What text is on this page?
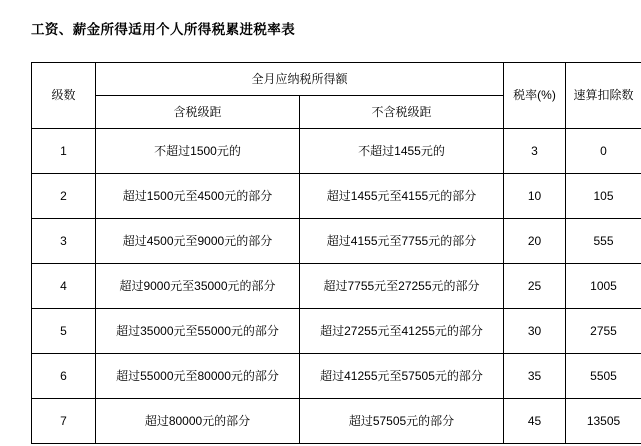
工资、薪金所得适用个人所得税累进税率表
级数	全月应纳税所得额		税率(%)	速算扣除数
	含税级距	不含税级距		
1	不超过1500元的	不超过1455元的	3	0
2	超过1500元至4500元的部分	超过1455元至4155元的部分	10	105
3	超过4500元至9000元的部分	超过4155元至7755元的部分	20	555
4	超过9000元至35000元的部分	超过7755元至27255元的部分	25	1005
5	超过35000元至55000元的部分	超过27255元至41255元的部分	30	2755
6	超过55000元至80000元的部分	超过41255元至57505元的部分	35	5505
7	超过80000元的部分	超过57505元的部分	45	13505
